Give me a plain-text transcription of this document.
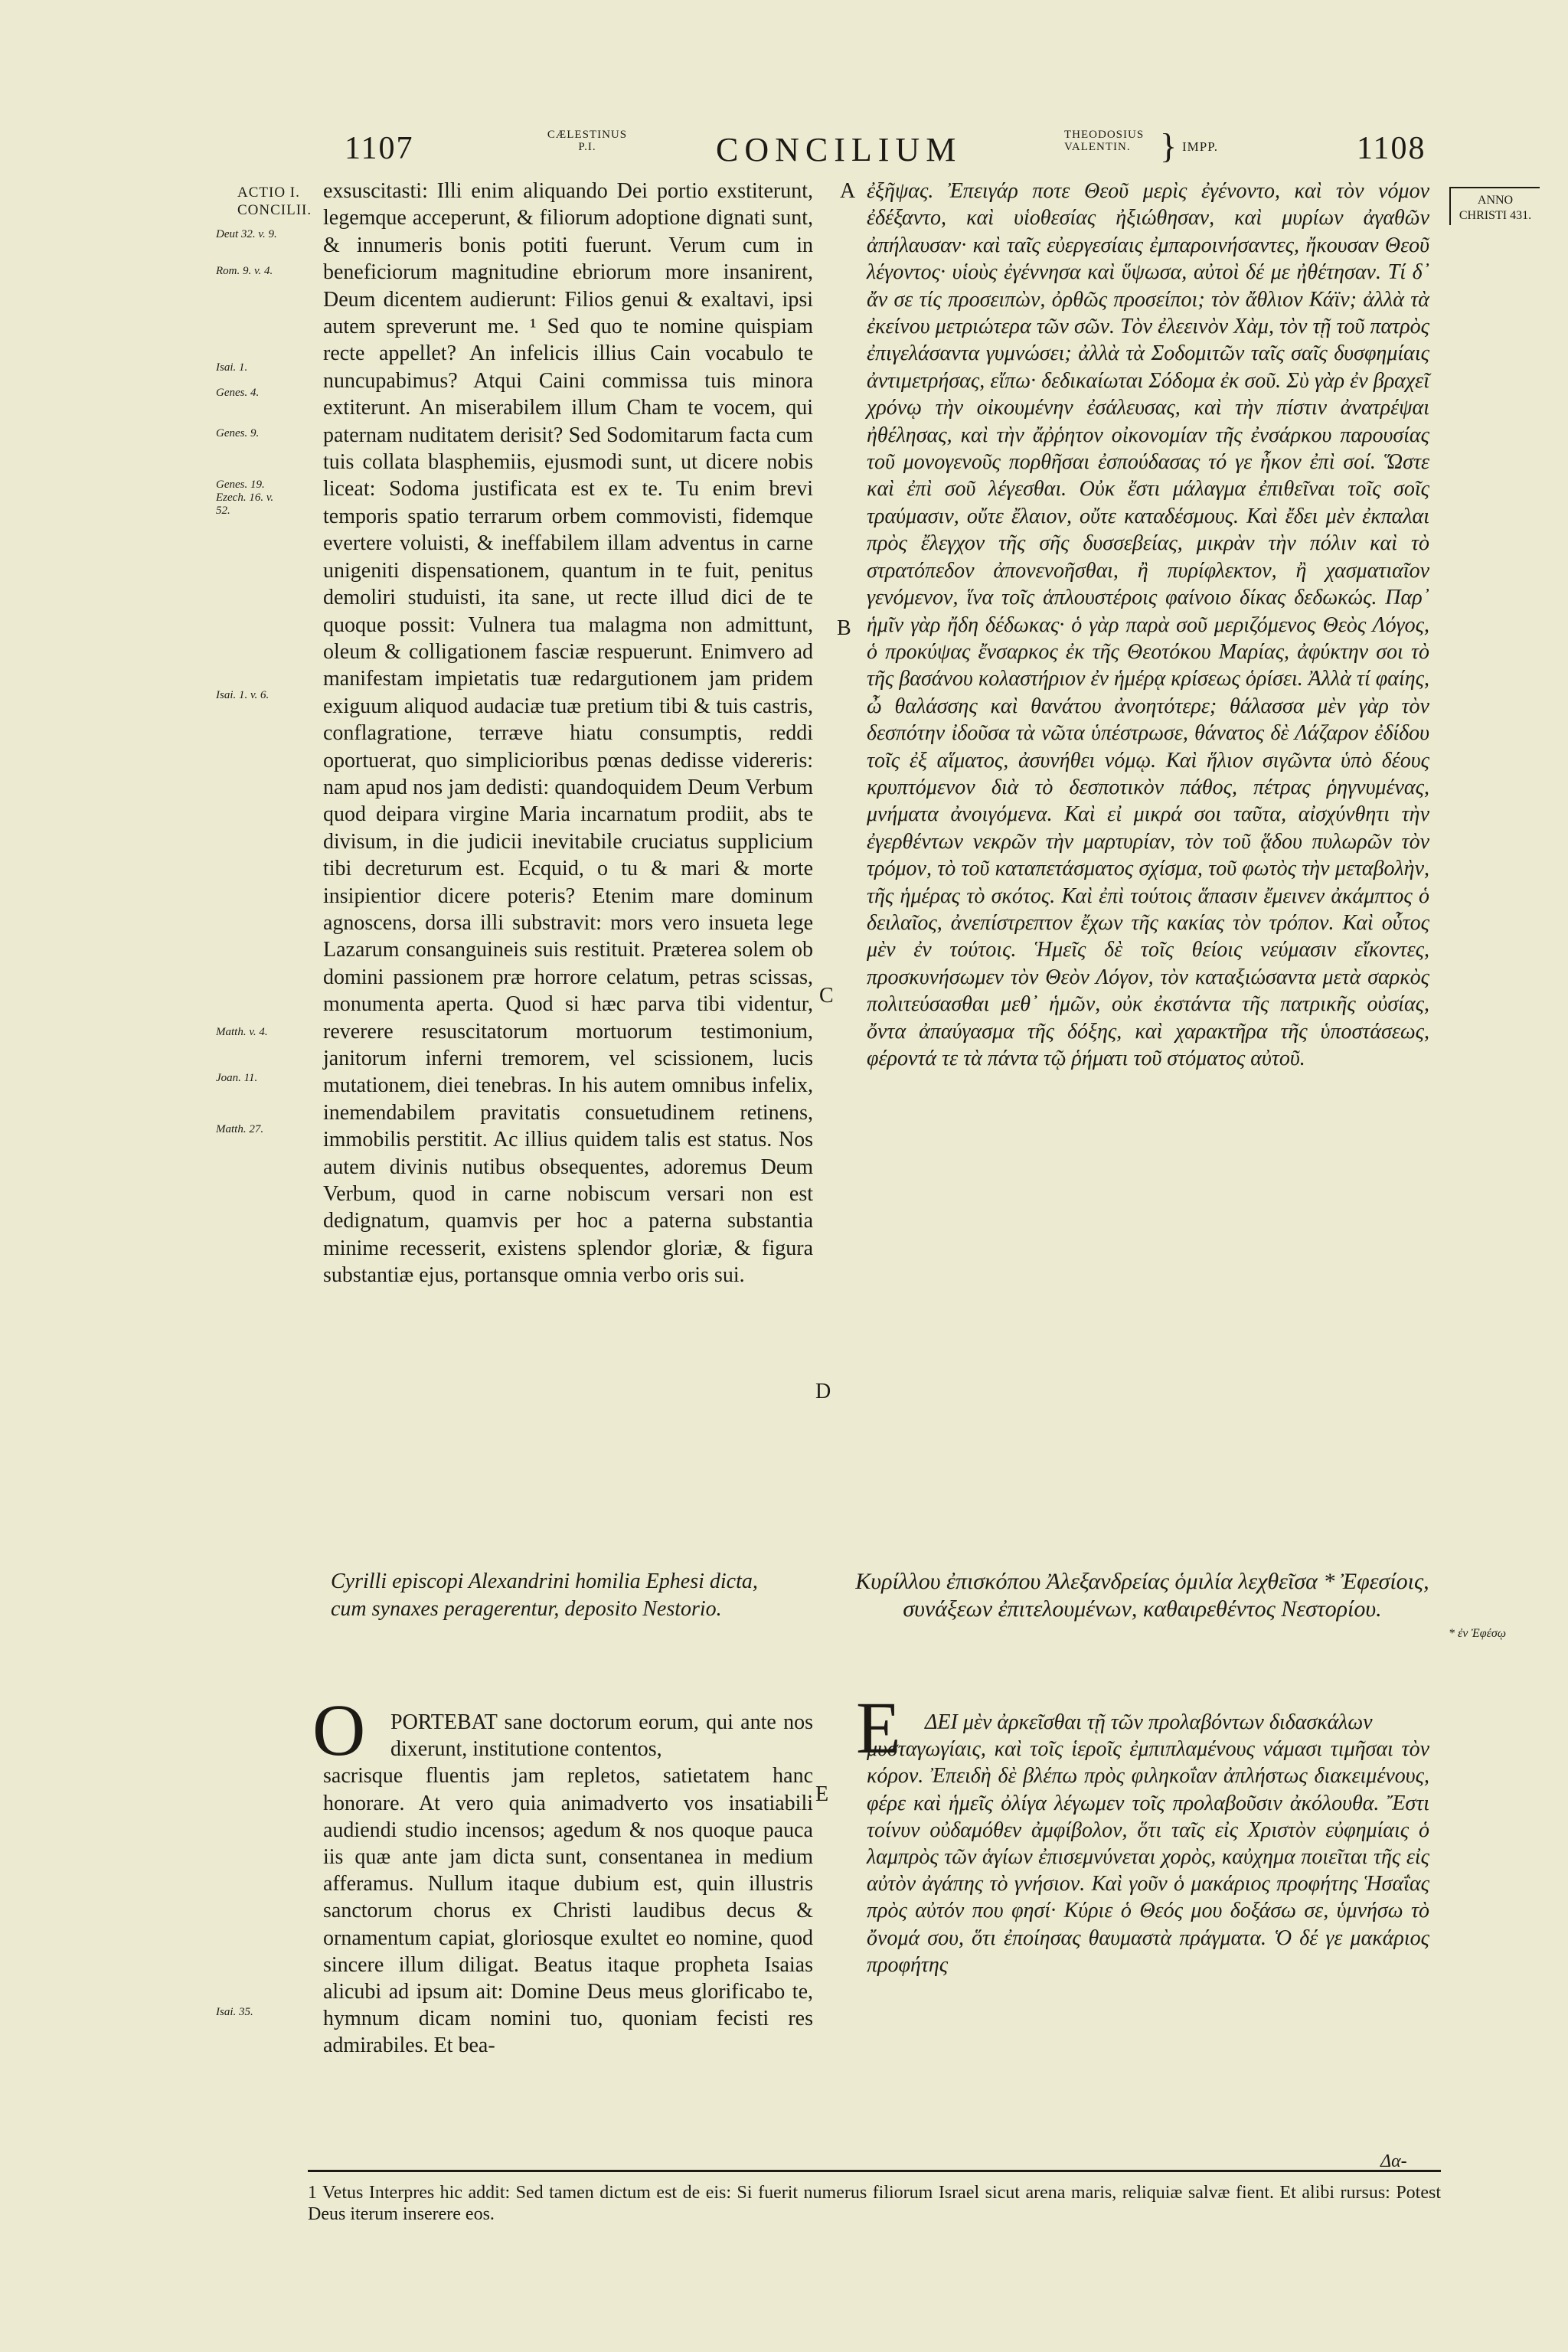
1107	CÆLESTINUS P.I.	CONCILIUM	THEODOSIUS VALENTIN. } IMPP.	1108
ACTIO I. CONCILII.
Deut 32. v. 9.
Rom. 9. v. 4.
Isai. 1.
Genes. 4.
Genes. 9.
Genes. 19. Ezech. 16. v. 52.
Isai. 1. v. 6.
Matth. v. 4.
Joan. 11.
Matth. 27.
Isai. 35.
ANNO CHRISTI 431.
A
B
C
D
E

exsuscitasti: Illi enim aliquando Dei portio exstiterunt, legemque acceperunt, & filiorum adoptione dignati sunt, & innumeris bonis potiti fuerunt. Verum cum in beneficiorum magnitudine ebriorum more insanirent, Deum dicentem audierunt: Filios genui & exaltavi, ipsi autem spreverunt me. ¹ Sed quo te nomine quispiam recte appellet? An infelicis illius Cain vocabulo te nuncupabimus? Atqui Caini commissa tuis minora extiterunt. An miserabilem illum Cham te vocem, qui paternam nuditatem derisit? Sed Sodomitarum facta cum tuis collata blasphemiis, ejusmodi sunt, ut dicere nobis liceat: Sodoma justificata est ex te. Tu enim brevi temporis spatio terrarum orbem commovisti, fidemque evertere voluisti, & ineffabilem illam adventus in carne unigeniti dispensationem, quantum in te fuit, penitus demoliri studuisti, ita sane, ut recte illud dici de te quoque possit: Vulnera tua malagma non admittunt, oleum & colligationem fasciæ respuerunt. Enimvero ad manifestam impietatis tuæ redargutionem jam pridem exiguum aliquod audaciæ tuæ pretium tibi & tuis castris, conflagratione, terræve hiatu consumptis, reddi oportuerat, quo simplicioribus pœnas dedisse videreris: nam apud nos jam dedisti: quandoquidem Deum Verbum quod deipara virgine Maria incarnatum prodiit, abs te divisum, in die judicii inevitabile cruciatus supplicium tibi decreturum est. Ecquid, o tu & mari & morte insipientior dicere poteris? Etenim mare dominum agnoscens, dorsa illi substravit: mors vero insueta lege Lazarum consanguineis suis restituit. Præterea solem ob domini passionem præ horrore celatum, petras scissas, monumenta aperta. Quod si hæc parva tibi videntur, reverere resuscitatorum mortuorum testimonium, janitorum inferni tremorem, vel scissionem, lucis mutationem, diei tenebras. In his autem omnibus infelix, inemendabilem pravitatis consuetudinem retinens, immobilis perstitit. Ac illius quidem talis est status. Nos autem divinis nutibus obsequentes, adoremus Deum Verbum, quod in carne nobiscum versari non est dedignatum, quamvis per hoc a paterna substantia minime recesserit, existens splendor gloriæ, & figura substantiæ ejus, portansque omnia verbo oris sui.

ἐξῆψας. Ἐπειγάρ ποτε Θεοῦ μερὶς ἐγένοντο, καὶ τὸν νόμον ἐδέξαντο, καὶ υἱοθεσίας ἠξιώθησαν, καὶ μυρίων ἀγαθῶν ἀπήλαυσαν· καὶ ταῖς εὐεργεσίαις ἐμπαροινήσαντες, ἤκουσαν Θεοῦ λέγοντος· υἱοὺς ἐγέννησα καὶ ὕψωσα, αὐτοὶ δέ με ἠθέτησαν. Τί δ᾽ ἄν σε τίς προσειπὼν, ὀρθῶς προσείποι; τὸν ἄθλιον Κάϊν; ἀλλὰ τὰ ἐκείνου μετριώτερα τῶν σῶν. Τὸν ἐλεεινὸν Χὰμ, τὸν τῇ τοῦ πατρὸς ἐπιγελάσαντα γυμνώσει; ἀλλὰ τὰ Σοδομιτῶν ταῖς σαῖς δυσφημίαις ἀντιμετρήσας, εἴπω· δεδικαίωται Σόδομα ἐκ σοῦ. Σὺ γὰρ ἐν βραχεῖ χρόνῳ τὴν οἰκουμένην ἐσάλευσας, καὶ τὴν πίστιν ἀνατρέψαι ἠθέλησας, καὶ τὴν ἄῤῥητον οἰκονομίαν τῆς ἐνσάρκου παρουσίας τοῦ μονογενοῦς πορθῆσαι ἐσπούδασας τό γε ἧκον ἐπὶ σοί. Ὥστε καὶ ἐπὶ σοῦ λέγεσθαι. Οὐκ ἔστι μάλαγμα ἐπιθεῖναι τοῖς σοῖς τραύμασιν, οὔτε ἔλαιον, οὔτε καταδέσμους. Καὶ ἔδει μὲν ἐκπαλαι πρὸς ἔλεγχον τῆς σῆς δυσσεβείας, μικρὰν τὴν πόλιν καὶ τὸ στρατόπεδον ἀπονενοῆσθαι, ἢ πυρίφλεκτον, ἢ χασματιαῖον γενόμενον, ἵνα τοῖς ἁπλουστέροις φαίνοιο δίκας δεδωκώς. Παρ᾽ ἡμῖν γὰρ ἤδη δέδωκας· ὁ γὰρ παρὰ σοῦ μεριζόμενος Θεὸς Λόγος, ὁ προκύψας ἔνσαρκος ἐκ τῆς Θεοτόκου Μαρίας, ἀφύκτην σοι τὸ τῆς βασάνου κολαστήριον ἐν ἡμέρᾳ κρίσεως ὁρίσει. Ἀλλὰ τί φαίης, ὦ θαλάσσης καὶ θανάτου ἀνοητότερε; θάλασσα μὲν γὰρ τὸν δεσπότην ἰδοῦσα τὰ νῶτα ὑπέστρωσε, θάνατος δὲ Λάζαρον ἐδίδου τοῖς ἐξ αἵματος, ἀσυνήθει νόμῳ. Καὶ ἥλιον σιγῶντα ὑπὸ δέους κρυπτόμενον διὰ τὸ δεσποτικὸν πάθος, πέτρας ῥηγνυμένας, μνήματα ἀνοιγόμενα. Καὶ εἰ μικρά σοι ταῦτα, αἰσχύνθητι τὴν ἐγερθέντων νεκρῶν τὴν μαρτυρίαν, τὸν τοῦ ᾅδου πυλωρῶν τὸν τρόμον, τὸ τοῦ καταπετάσματος σχίσμα, τοῦ φωτὸς τὴν μεταβολὴν, τῆς ἡμέρας τὸ σκότος. Καὶ ἐπὶ τούτοις ἅπασιν ἔμεινεν ἀκάμπτος ὁ δειλαῖος, ἀνεπίστρεπτον ἔχων τῆς κακίας τὸν τρόπον. Καὶ οὗτος μὲν ἐν τούτοις. Ἡμεῖς δὲ τοῖς θείοις νεύμασιν εἴκοντες, προσκυνήσωμεν τὸν Θεὸν Λόγον, τὸν καταξιώσαντα μετὰ σαρκὸς πολιτεύσασθαι μεθ᾽ ἡμῶν, οὐκ ἐκστάντα τῆς πατρικῆς οὐσίας, ὄντα ἀπαύγασμα τῆς δόξης, καὶ χαρακτῆρα τῆς ὑποστάσεως, φέροντά τε τὰ πάντα τῷ ῥήματι τοῦ στόματος αὐτοῦ.

Cyrilli episcopi Alexandrini homilia Ephesi dicta, cum synaxes peragerentur, deposito Nestorio.
Κυρίλλου ἐπισκόπου Ἀλεξανδρείας ὁμιλία λεχθεῖσα * Ἐφεσίοις, συνάξεων ἐπιτελουμένων, καθαιρεθέντος Νεστορίου.
* ἐν Ἐφέσῳ
O PORTEBAT sane doctorum eorum, qui ante nos dixerunt, institutione contentos,
sacrisque fluentis jam repletos, satietatem hanc honorare. At vero quia animadverto vos insatiabili audiendi studio incensos; agedum & nos quoque pauca iis quæ ante jam dicta sunt, consentanea in medium afferamus. Nullum itaque dubium est, quin illustris sanctorum chorus ex Christi laudibus decus & ornamentum capiat, gloriosque exultet eo nomine, quod sincere illum diligat. Beatus itaque propheta Isaias alicubi ad ipsum ait: Domine Deus meus glorificabo te, hymnum dicam nomini tuo, quoniam fecisti res admirabiles. Et bea-
E ΔΕΙ μὲν ἀρκεῖσθαι τῇ τῶν προλαβόντων διδασκάλων
μυσταγωγίαις, καὶ τοῖς ἱεροῖς ἐμπιπλαμένους νάμασι τιμῆσαι τὸν κόρον. Ἐπειδὴ δὲ βλέπω πρὸς φιληκοΐαν ἀπλήστως διακειμένους, φέρε καὶ ἡμεῖς ὀλίγα λέγωμεν τοῖς προλαβοῦσιν ἀκόλουθα. Ἔστι τοίνυν οὐδαμόθεν ἀμφίβολον, ὅτι ταῖς εἰς Χριστὸν εὐφημίαις ὁ λαμπρὸς τῶν ἁγίων ἐπισεμνύνεται χορὸς, καὐχημα ποιεῖται τῆς εἰς αὐτὸν ἀγάπης τὸ γνήσιον. Καὶ γοῦν ὁ μακάριος προφήτης Ἡσαΐας πρὸς αὐτόν που φησί· Κύριε ὁ Θεός μου δοξάσω σε, ὑμνήσω τὸ ὄνομά σου, ὅτι ἐποίησας θαυμαστὰ πράγματα. Ὁ δέ γε μακάριος προφήτης
Δα-
1 Vetus Interpres hic addit: Sed tamen dictum est de eis: Si fuerit numerus filiorum Israel sicut arena maris, reliquiæ salvæ fient. Et alibi rursus: Potest Deus iterum inserere eos.
